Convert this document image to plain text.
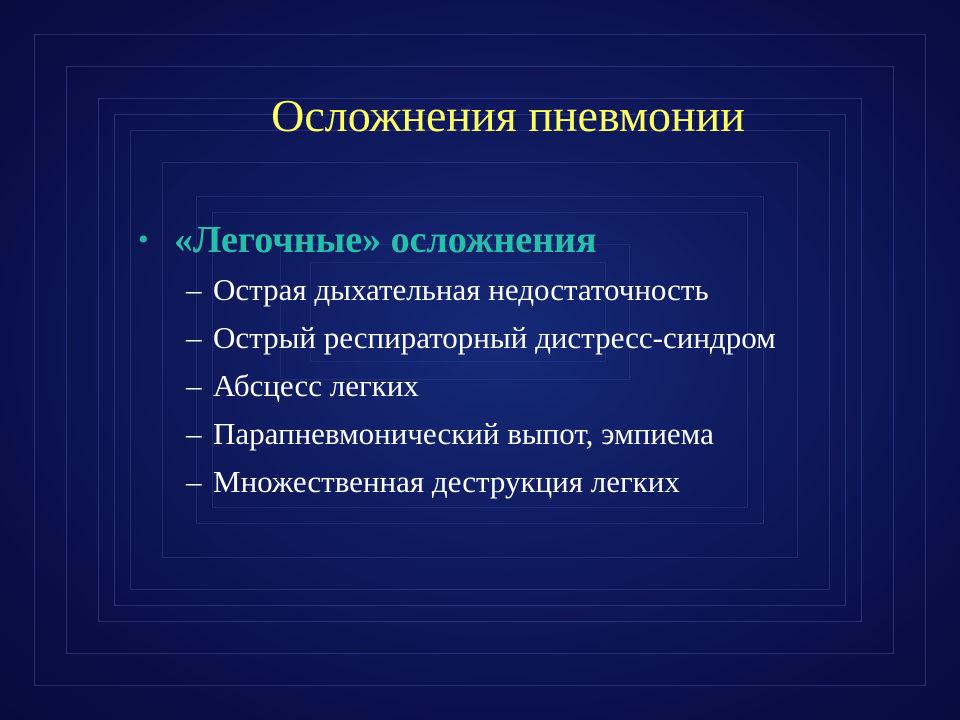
Осложнения пневмонии
• «Легочные» осложнения
– Острая дыхательная недостаточность
– Острый респираторный дистресс-синдром
– Абсцесс легких
– Парапневмонический выпот, эмпиема
– Множественная деструкция легких
